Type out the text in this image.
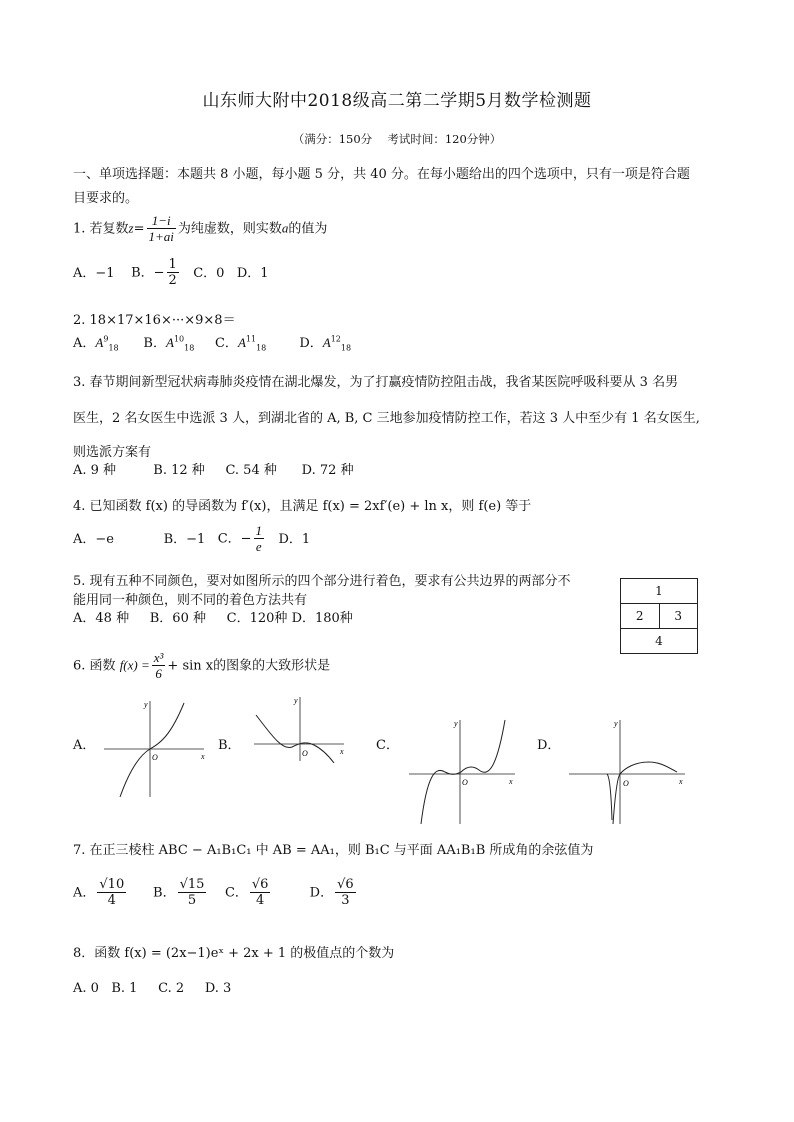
山东师大附中2018级高二第二学期5月数学检测题
（满分：150分　 考试时间：120分钟）
一、单项选择题：本题共 8 小题，每小题 5 分，共 40 分。在每小题给出的四个选项中，只有一项是符合题
目要求的。
1. 若复数$z= \frac{1-i}{1+ai}$ 为纯虚数，则实数a的值为
A．−1 B．− $\frac{1}{2}$ C．0 D．1
2. 18×17×16×···×9×8＝
A．$A^9_{18}$ B．$A^{10}_{18}$ C．$A^{11}_{18}$	D．$A^{12}_{18}$
3. 春节期间新型冠状病毒肺炎疫情在湖北爆发，为了打赢疫情防控阻击战，我省某医院呼吸科要从 3 名男
医生，2 名女医生中选派 3 人，到湖北省的 A, B, C 三地参加疫情防控工作，若这 3 人中至少有 1 名女医生,
则选派方案有
A. 9 种	B. 12 种 C. 54 种 D. 72 种
4. 已知函数 f(x) 的导函数为 f′(x)，且满足 f(x) = 2xf′(e) + ln x，则 f(e) 等于
A．−e	B．−1 C．− $\frac{1}{e}$ D．1
5. 现有五种不同颜色，要对如图所示的四个部分进行着色，要求有公共边界的两部分不
能用同一种颜色，则不同的着色方法共有
A．48 种 B．60 种 C．120种 D．180种
1
2	3
4
6. 函数 $f(x) = \frac{\text{x³}}{6} + \sin x$的图象的大致形状是
A．
x
y
O
B．	x
y
O
C．
x
y
O
D．
x
y
O
7. 在正三棱柱 ABC − A₁B₁C₁ 中 AB = AA₁，则 B₁C 与平面 AA₁B₁B 所成角的余弦值为
A． $\frac{√10}{4}$ B． $\frac{√15}{5}$ C． $\frac{√6}{4}$	D． $\frac{√6}{3}$
8．函数 f(x) = (2x−1)eˣ + 2x + 1 的极值点的个数为
A. 0 B. 1 C. 2 D. 3
